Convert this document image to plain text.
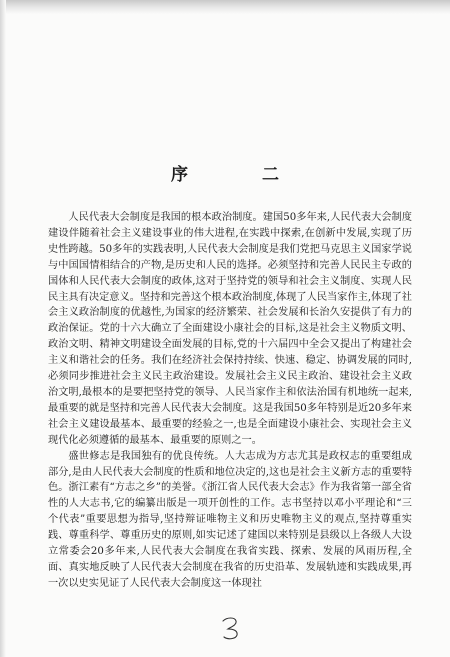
序 二

人民代表大会制度是我国的根本政治制度。建国50多年来,人民代表大会制度建设伴随着社会主义建设事业的伟大进程,在实践中探索,在创新中发展,实现了历史性跨越。50多年的实践表明,人民代表大会制度是我们党把马克思主义国家学说与中国国情相结合的产物,是历史和人民的选择。必须坚持和完善人民民主专政的国体和人民代表大会制度的政体,这对于坚持党的领导和社会主义制度、实现人民民主具有决定意义。坚持和完善这个根本政治制度,体现了人民当家作主,体现了社会主义政治制度的优越性,为国家的经济繁荣、社会发展和长治久安提供了有力的政治保证。党的十六大确立了全面建设小康社会的目标,这是社会主义物质文明、政治文明、精神文明建设全面发展的目标,党的十六届四中全会又提出了构建社会主义和谐社会的任务。我们在经济社会保持持续、快速、稳定、协调发展的同时,必须同步推进社会主义民主政治建设。发展社会主义民主政治、建设社会主义政治文明,最根本的是要把坚持党的领导、人民当家作主和依法治国有机地统一起来,最重要的就是坚持和完善人民代表大会制度。这是我国50多年特别是近20多年来社会主义建设最基本、最重要的经验之一,也是全面建设小康社会、实现社会主义现代化必须遵循的最基本、最重要的原则之一。

盛世修志是我国独有的优良传统。人大志成为方志尤其是政权志的重要组成部分,是由人民代表大会制度的性质和地位决定的,这也是社会主义新方志的重要特色。浙江素有“方志之乡”的美誉。《浙江省人民代表大会志》作为我省第一部全省性的人大志书,它的编纂出版是一项开创性的工作。志书坚持以邓小平理论和“三个代表”重要思想为指导,坚持辩证唯物主义和历史唯物主义的观点,坚持尊重实践、尊重科学、尊重历史的原则,如实记述了建国以来特别是县级以上各级人大设立常委会20多年来,人民代表大会制度在我省实践、探索、发展的风雨历程,全面、真实地反映了人民代表大会制度在我省的历史沿革、发展轨迹和实践成果,再一次以史实见证了人民代表大会制度这一体现社
